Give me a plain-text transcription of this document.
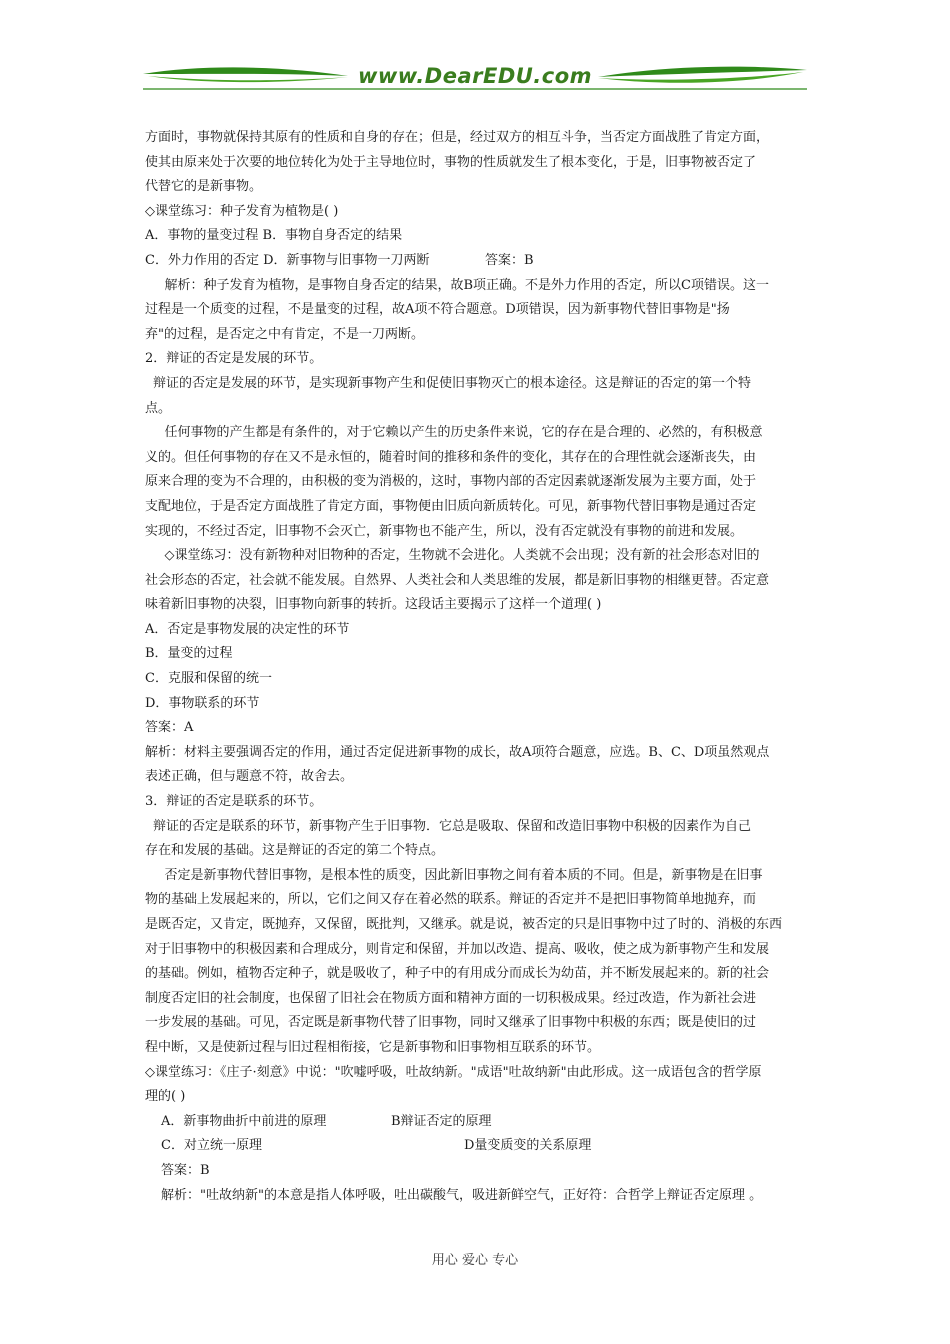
www.DearEDU.com

方面时，事物就保持其原有的性质和自身的存在；但是，经过双方的相互斗争，当否定方面战胜了肯定方面，

使其由原来处于次要的地位转化为处于主导地位时，事物的性质就发生了根本变化，于是，旧事物被否定了

代替它的是新事物。

◇课堂练习：种子发育为植物是( )

A．事物的量变过程 B．事物自身否定的结果

C．外力作用的否定 D．新事物与旧事物一刀两断	答案：B

解析：种子发育为植物，是事物自身否定的结果，故B项正确。不是外力作用的否定，所以C项错误。这一

过程是一个质变的过程，不是量变的过程，故A项不符合题意。D项错误，因为新事物代替旧事物是"扬

弃"的过程，是否定之中有肯定，不是一刀两断。

2．辩证的否定是发展的环节。

辩证的否定是发展的环节，是实现新事物产生和促使旧事物灭亡的根本途径。这是辩证的否定的第一个特

点。

任何事物的产生都是有条件的，对于它赖以产生的历史条件来说，它的存在是合理的、必然的，有积极意

义的。但任何事物的存在又不是永恒的，随着时间的推移和条件的变化，其存在的合理性就会逐渐丧失，由

原来合理的变为不合理的，由积极的变为消极的，这时，事物内部的否定因素就逐渐发展为主要方面，处于

支配地位，于是否定方面战胜了肯定方面，事物便由旧质向新质转化。可见，新事物代替旧事物是通过否定

实现的，不经过否定，旧事物不会灭亡，新事物也不能产生，所以，没有否定就没有事物的前进和发展。

◇课堂练习：没有新物种对旧物种的否定，生物就不会进化。人类就不会出现；没有新的社会形态对旧的

社会形态的否定，社会就不能发展。自然界、人类社会和人类思维的发展，都是新旧事物的相继更替。否定意

味着新旧事物的决裂，旧事物向新事的转折。这段话主要揭示了这样一个道理( )

A．否定是事物发展的决定性的环节

B．量变的过程

C．克服和保留的统一

D．事物联系的环节

答案：A

解析：材料主要强调否定的作用，通过否定促进新事物的成长，故A项符合题意，应选。B、C、D项虽然观点

表述正确，但与题意不符，故舍去。

3．辩证的否定是联系的环节。

辩证的否定是联系的环节，新事物产生于旧事物．它总是吸取、保留和改造旧事物中积极的因素作为自己

存在和发展的基础。这是辩证的否定的第二个特点。

否定是新事物代替旧事物，是根本性的质变，因此新旧事物之间有着本质的不同。但是，新事物是在旧事

物的基础上发展起来的，所以，它们之间又存在着必然的联系。辩证的否定并不是把旧事物简单地抛弃，而

是既否定，又肯定，既抛弃，又保留，既批判，又继承。就是说，被否定的只是旧事物中过了时的、消极的东西

对于旧事物中的积极因素和合理成分，则肯定和保留，并加以改造、提高、吸收，使之成为新事物产生和发展

的基础。例如，植物否定种子，就是吸收了，种子中的有用成分而成长为幼苗，并不断发展起来的。新的社会

制度否定旧的社会制度，也保留了旧社会在物质方面和精神方面的一切积极成果。经过改造，作为新社会进

一步发展的基础。可见，否定既是新事物代替了旧事物，同时又继承了旧事物中积极的东西；既是使旧的过

程中断，又是使新过程与旧过程相衔接，它是新事物和旧事物相互联系的环节。

◇课堂练习：《庄子·刻意》中说："吹嘘呼吸，吐故纳新。"成语"吐故纳新"由此形成。这一成语包含的哲学原

理的( )

A．新事物曲折中前进的原理	B辩证否定的原理
C．对立统一原理	D量变质变的关系原理

答案：B

解析："吐故纳新"的本意是指人体呼吸，吐出碳酸气，吸进新鲜空气，正好符：合哲学上辩证否定原理 。

用心 爱心 专心
